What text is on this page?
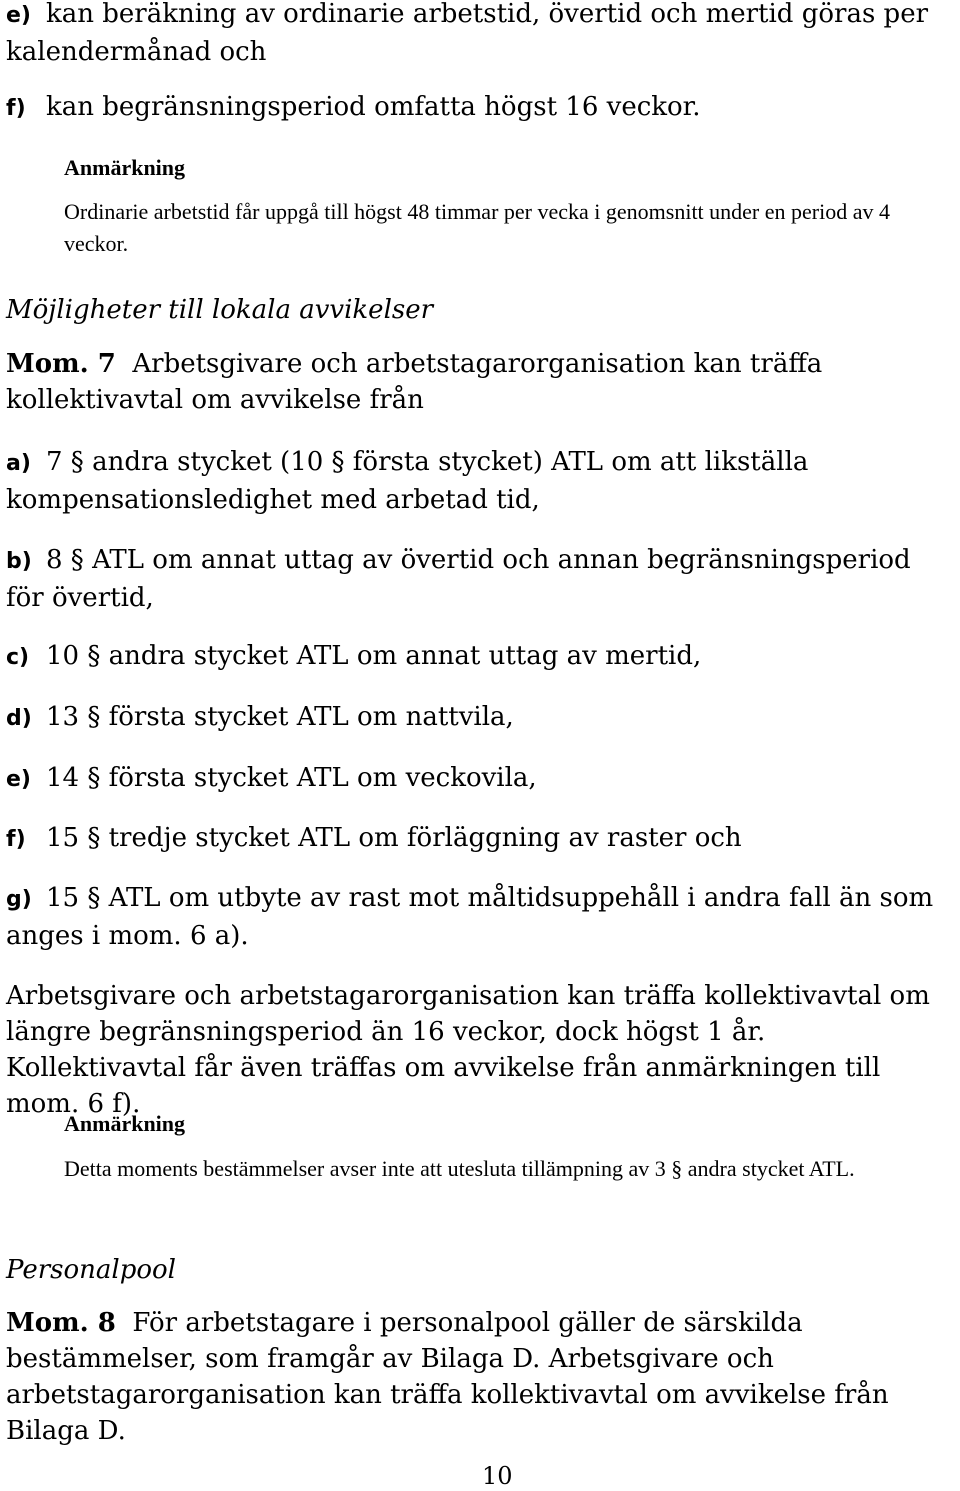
e) kan beräkning av ordinarie arbetstid, övertid och mertid göras per kalendermånad och
f) kan begränsningsperiod omfatta högst 16 veckor.
Anmärkning
Ordinarie arbetstid får uppgå till högst 48 timmar per vecka i genomsnitt under en period av 4 veckor.
Möjligheter till lokala avvikelser
Mom. 7 Arbetsgivare och arbetstagarorganisation kan träffa kollektivavtal om avvikelse från
a) 7 § andra stycket (10 § första stycket) ATL om att likställa kompensationsledighet med arbetad tid,
b) 8 § ATL om annat uttag av övertid och annan begränsningsperiod för övertid,
c) 10 § andra stycket ATL om annat uttag av mertid,
d) 13 § första stycket ATL om nattvila,
e) 14 § första stycket ATL om veckovila,
f) 15 § tredje stycket ATL om förläggning av raster och
g) 15 § ATL om utbyte av rast mot måltidsuppehåll i andra fall än som anges i mom. 6 a).
Arbetsgivare och arbetstagarorganisation kan träffa kollektivavtal om längre begränsningsperiod än 16 veckor, dock högst 1 år. Kollektivavtal får även träffas om avvikelse från anmärkningen till mom. 6 f).
Anmärkning
Detta moments bestämmelser avser inte att utesluta tillämpning av 3 § andra stycket ATL.
Personalpool
Mom. 8 För arbetstagare i personalpool gäller de särskilda bestämmelser, som framgår av Bilaga D. Arbetsgivare och arbetstagarorganisation kan träffa kollektivavtal om avvikelse från Bilaga D.
10
